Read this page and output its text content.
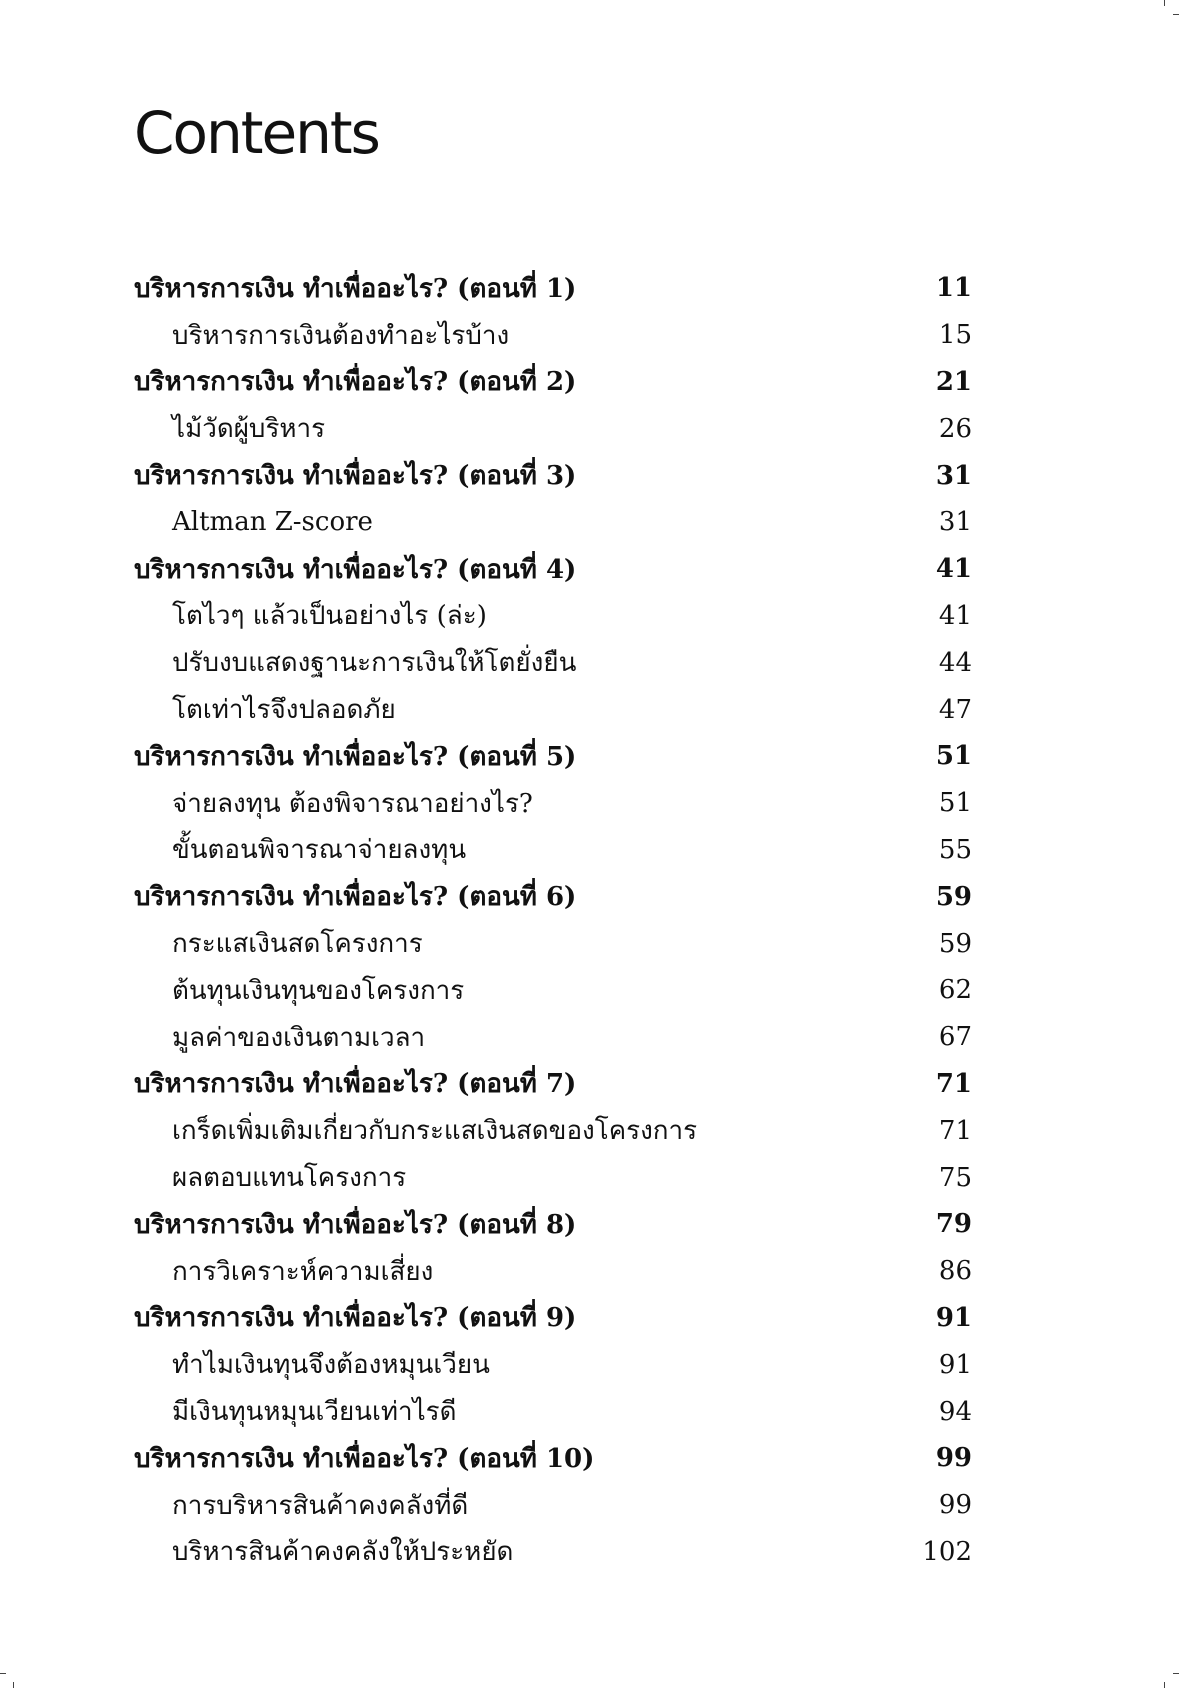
Contents
บริหารการเงิน ทำเพื่ออะไร? (ตอนที่ 1)	11
บริหารการเงินต้องทำอะไรบ้าง	15
บริหารการเงิน ทำเพื่ออะไร? (ตอนที่ 2)	21
ไม้วัดผู้บริหาร	26
บริหารการเงิน ทำเพื่ออะไร? (ตอนที่ 3)	31
Altman Z-score	31
บริหารการเงิน ทำเพื่ออะไร? (ตอนที่ 4)	41
โตไวๆ แล้วเป็นอย่างไร (ล่ะ)	41
ปรับงบแสดงฐานะการเงินให้โตยั่งยืน	44
โตเท่าไรจึงปลอดภัย	47
บริหารการเงิน ทำเพื่ออะไร? (ตอนที่ 5)	51
จ่ายลงทุน ต้องพิจารณาอย่างไร?	51
ขั้นตอนพิจารณาจ่ายลงทุน	55
บริหารการเงิน ทำเพื่ออะไร? (ตอนที่ 6)	59
กระแสเงินสดโครงการ	59
ต้นทุนเงินทุนของโครงการ	62
มูลค่าของเงินตามเวลา	67
บริหารการเงิน ทำเพื่ออะไร? (ตอนที่ 7)	71
เกร็ดเพิ่มเติมเกี่ยวกับกระแสเงินสดของโครงการ	71
ผลตอบแทนโครงการ	75
บริหารการเงิน ทำเพื่ออะไร? (ตอนที่ 8)	79
การวิเคราะห์ความเสี่ยง	86
บริหารการเงิน ทำเพื่ออะไร? (ตอนที่ 9)	91
ทำไมเงินทุนจึงต้องหมุนเวียน	91
มีเงินทุนหมุนเวียนเท่าไรดี	94
บริหารการเงิน ทำเพื่ออะไร? (ตอนที่ 10)	99
การบริหารสินค้าคงคลังที่ดี	99
บริหารสินค้าคงคลังให้ประหยัด	102
